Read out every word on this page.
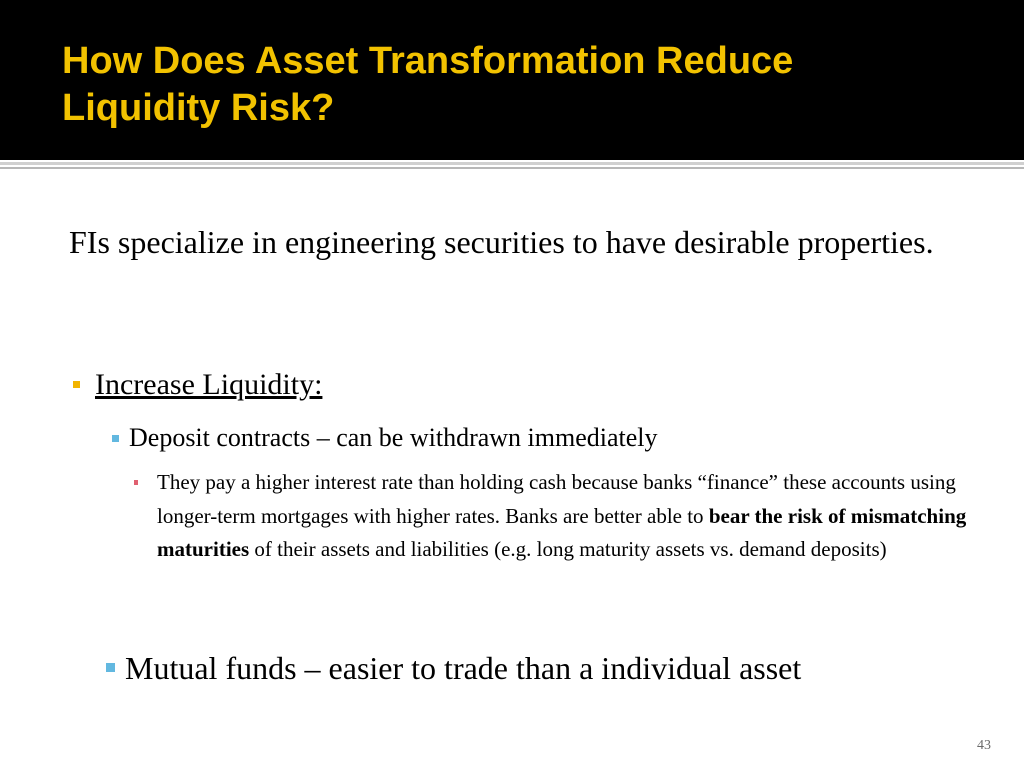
How Does Asset Transformation Reduce Liquidity Risk?

FIs specialize in engineering securities to have desirable properties.

Increase Liquidity:
Deposit contracts – can be withdrawn immediately
They pay a higher interest rate than holding cash because banks “finance” these accounts using longer-term mortgages with higher rates. Banks are better able to bear the risk of mismatching maturities of their assets and liabilities (e.g. long maturity assets vs. demand deposits)
Mutual funds – easier to trade than a individual asset

43
